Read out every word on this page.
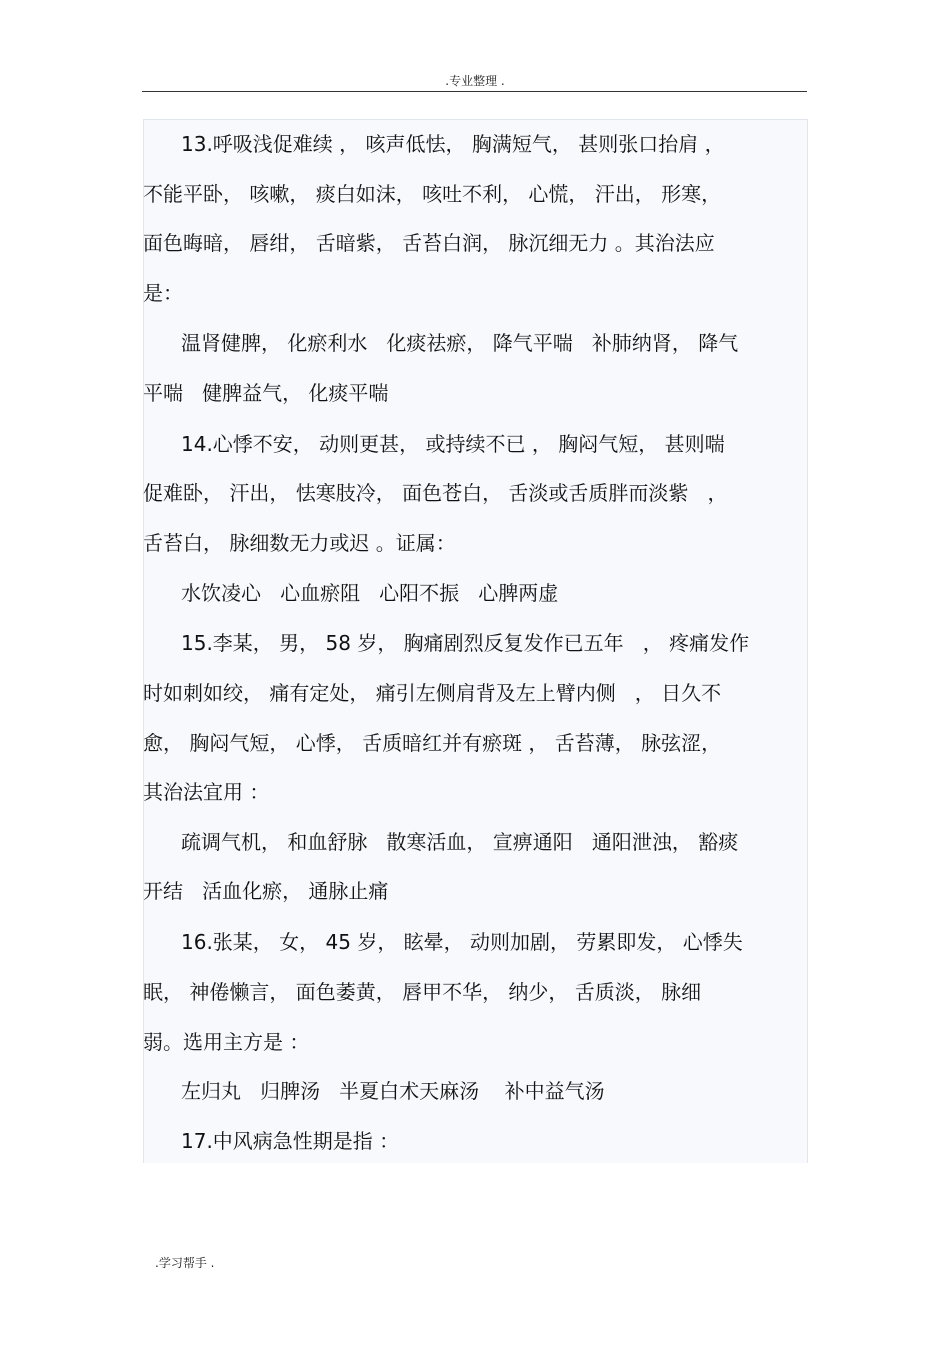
.专业整理 .
13.呼吸浅促难续 ， 咳声低怯， 胸满短气， 甚则张口抬肩 ，
不能平卧， 咳嗽， 痰白如沫， 咳吐不利， 心慌， 汗出， 形寒，
面色晦暗， 唇绀， 舌暗紫， 舌苔白润， 脉沉细无力 。其治法应
是：
温肾健脾， 化瘀利水   化痰祛瘀， 降气平喘   补肺纳肾， 降气
平喘   健脾益气， 化痰平喘
14.心悸不安， 动则更甚， 或持续不已 ， 胸闷气短， 甚则喘
促难卧， 汗出， 怯寒肢冷， 面色苍白， 舌淡或舌质胖而淡紫   ，
舌苔白， 脉细数无力或迟 。证属：
水饮凌心   心血瘀阻   心阳不振   心脾两虚
15.李某， 男， 58 岁， 胸痛剧烈反复发作已五年   ， 疼痛发作
时如刺如绞， 痛有定处， 痛引左侧肩背及左上臂内侧   ， 日久不
愈， 胸闷气短， 心悸， 舌质暗红并有瘀斑 ， 舌苔薄， 脉弦涩，
其治法宜用 ：
疏调气机， 和血舒脉   散寒活血， 宣痹通阳   通阳泄浊， 豁痰
开结   活血化瘀， 通脉止痛
16.张某， 女， 45 岁， 眩晕， 动则加剧， 劳累即发， 心悸失
眠， 神倦懒言， 面色萎黄， 唇甲不华， 纳少， 舌质淡， 脉细
弱。选用主方是 ：
左归丸   归脾汤   半夏白术天麻汤    补中益气汤
17.中风病急性期是指 ：
.学习帮手 .
